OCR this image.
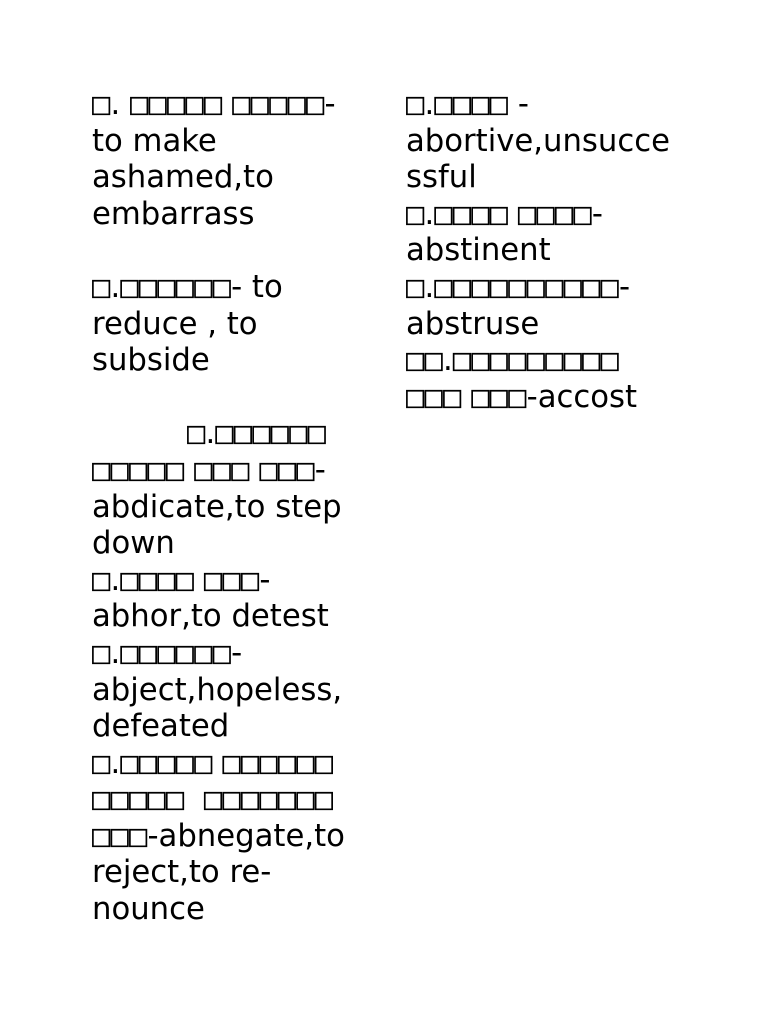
□. □□□□□ □□□□□-
to make
ashamed,to
embarrass

□.□□□□□□- to
reduce , to
subside

□.□□□□□□
□□□□□ □□□ □□□-
abdicate,to step
down

□.□□□□ □□□-
abhor,to detest

□.□□□□□□-
abject,hopeless,
defeated

□.□□□□□ □□□□□□
□□□□□ □□□□□□□
□□□-abnegate,to
reject,to re-
nounce

□.□□□□ -
abortive,unsucce
ssful

□.□□□□ □□□□-
abstinent

□.□□□□□□□□□□-
abstruse

□□.□□□□□□□□□
□□□ □□□-accost
